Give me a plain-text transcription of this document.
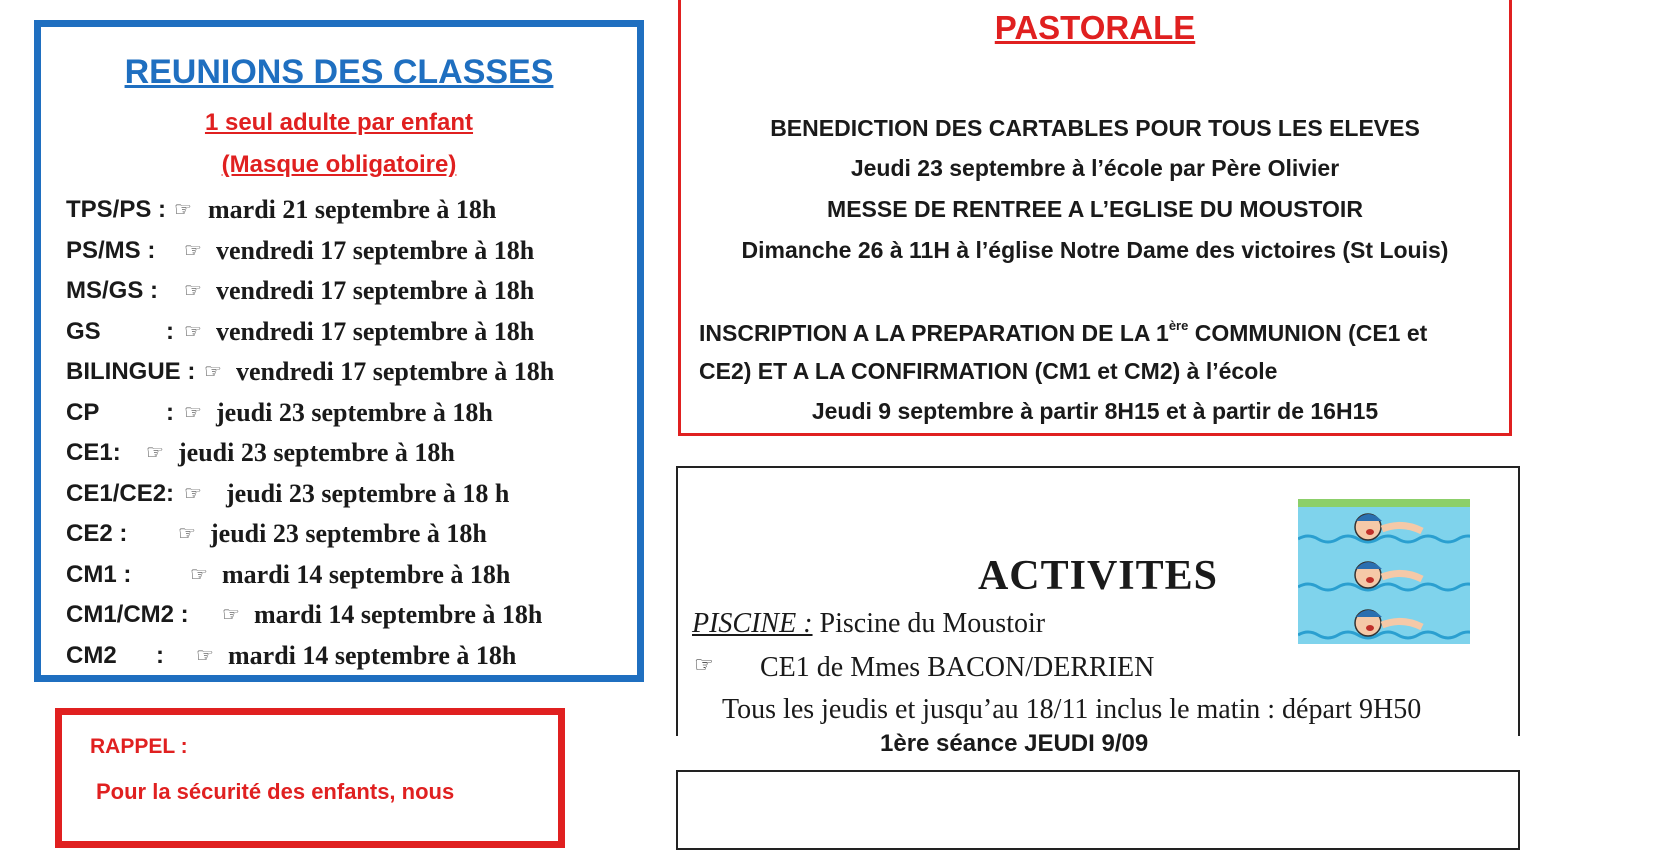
REUNIONS DES CLASSES
1 seul adulte par enfant
(Masque obligatoire)
TPS/PS : ☞ mardi 21 septembre à 18h
PS/MS : ☞ vendredi 17 septembre à 18h
MS/GS : ☞ vendredi 17 septembre à 18h
GS	: ☞ vendredi 17 septembre à 18h
BILINGUE : ☞ vendredi 17 septembre à 18h
CP	: ☞ jeudi 23 septembre à 18h
CE1: ☞ jeudi 23 septembre à 18h
CE1/CE2: ☞ jeudi 23 septembre à 18 h
CE2 :	☞ jeudi 23 septembre à 18h
CM1 :	☞ mardi 14 septembre à 18h
CM1/CM2 : ☞ mardi 14 septembre à 18h
CM2 : ☞ mardi 14 septembre à 18h
RAPPEL :
Pour la sécurité des enfants, nous
PASTORALE
BENEDICTION DES CARTABLES POUR TOUS LES ELEVES
Jeudi 23 septembre à l’école par Père Olivier
MESSE DE RENTREE A L’EGLISE DU MOUSTOIR
Dimanche 26 à 11H à l’église Notre Dame des victoires (St Louis)
INSCRIPTION A LA PREPARATION DE LA 1ère COMMUNION (CE1 et
CE2) ET A LA CONFIRMATION (CM1 et CM2) à l’école
Jeudi 9 septembre à partir 8H15 et à partir de 16H15
ACTIVITES
PISCINE : Piscine du Moustoir
☞ CE1 de Mmes BACON/DERRIEN
Tous les jeudis et jusqu’au 18/11 inclus le matin : départ 9H50
1ère séance JEUDI 9/09
